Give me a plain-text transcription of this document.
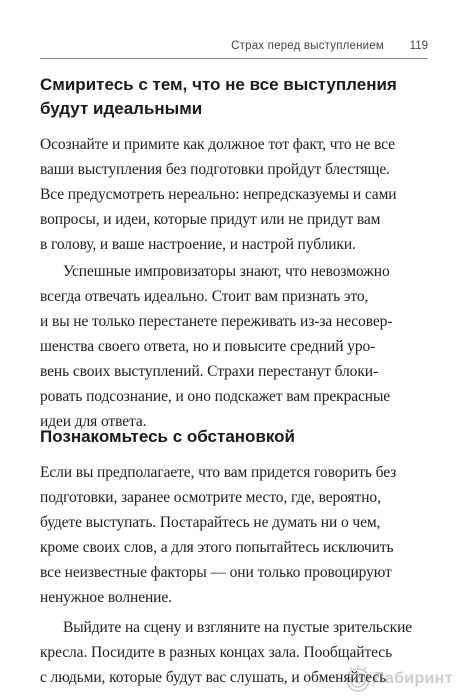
Страх перед выступлением 119
Смиритесь с тем, что не все выступления
будут идеальными

Осознайте и примите как должное тот факт, что не все
ваши выступления без подготовки пройдут блестяще.
Все предусмотреть нереально: непредсказуемы и сами
вопросы, и идеи, которые придут или не придут вам
в голову, и ваше настроение, и настрой публики.

Успешные импровизаторы знают, что невозможно
всегда отвечать идеально. Стоит вам признать это,
и вы не только перестанете переживать из-за несовер-
шенства своего ответа, но и повысите средний уро-
вень своих выступлений. Страхи перестанут блоки-
ровать подсознание, и оно подскажет вам прекрасные
идеи для ответа.

Познакомьтесь с обстановкой

Если вы предполагаете, что вам придется говорить без
подготовки, заранее осмотрите место, где, вероятно,
будете выступать. Постарайтесь не думать ни о чем,
кроме своих слов, а для этого попытайтесь исключить
все неизвестные факторы — они только провоцируют
ненужное волнение.

Выйдите на сцену и взгляните на пустые зрительские
кресла. Посидите в разных концах зала. Пообщайтесь
с людьми, которые будут вас слушать, и обменяйтесь

Лабиринт
